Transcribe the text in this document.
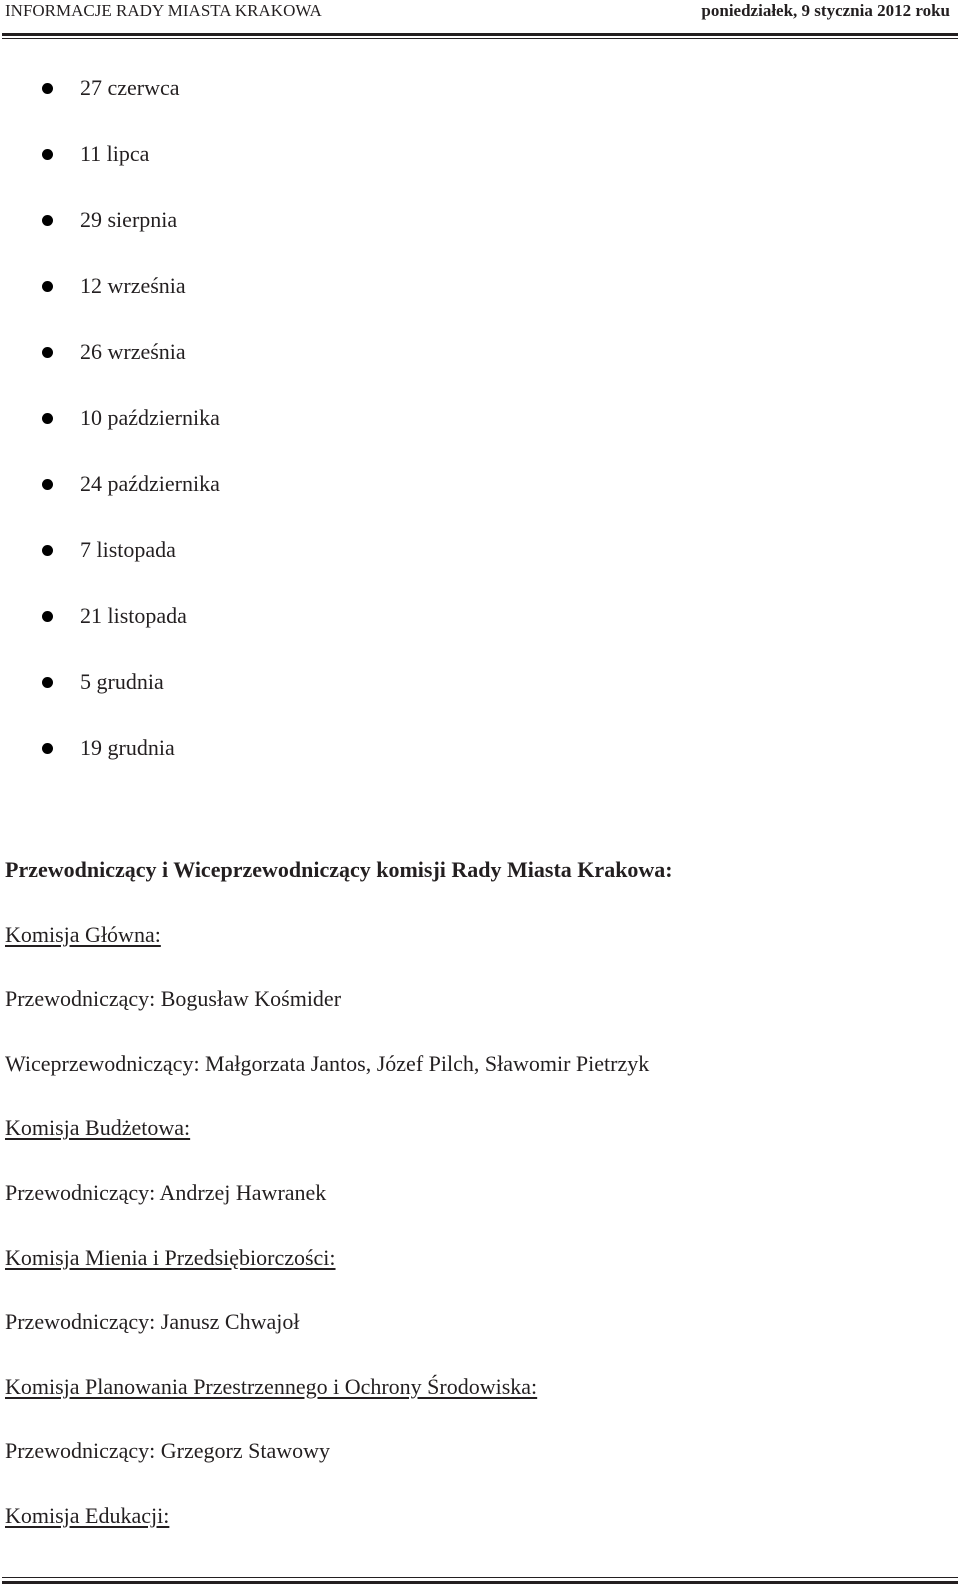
INFORMACJE RADY MIASTA KRAKOWA	poniedziałek, 9 stycznia 2012 roku
27 czerwca
11 lipca
29 sierpnia
12 września
26 września
10 października
24 października
7 listopada
21 listopada
5 grudnia
19 grudnia
Przewodniczący i Wiceprzewodniczący komisji Rady Miasta Krakowa:
Komisja Główna:
Przewodniczący: Bogusław Kośmider
Wiceprzewodniczący: Małgorzata Jantos, Józef Pilch, Sławomir Pietrzyk
Komisja Budżetowa:
Przewodniczący: Andrzej Hawranek
Komisja Mienia i Przedsiębiorczości:
Przewodniczący: Janusz Chwajoł
Komisja Planowania Przestrzennego i Ochrony Środowiska:
Przewodniczący: Grzegorz Stawowy
Komisja Edukacji:
